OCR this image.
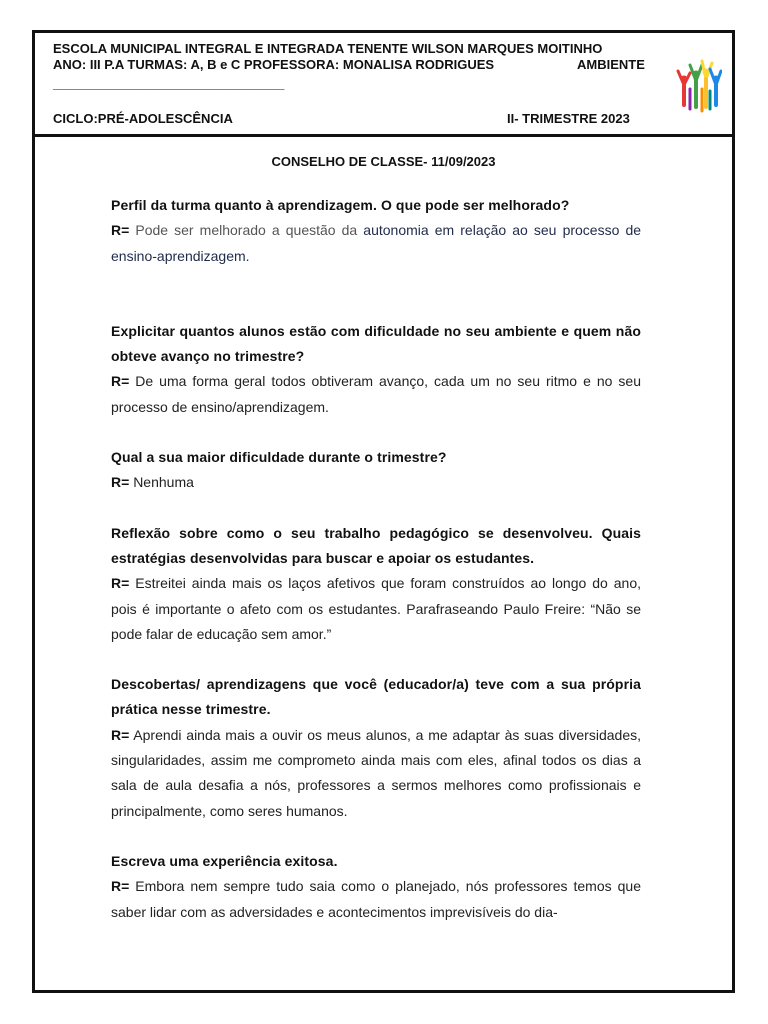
ESCOLA MUNICIPAL INTEGRAL E INTEGRADA TENENTE WILSON MARQUES MOITINHO
ANO: III P.A TURMAS: A, B e C PROFESSORA: MONALISA RODRIGUES	AMBIENTE
________________________________
CICLO:PRÉ-ADOLESCÊNCIA	II- TRIMESTRE 2023
CONSELHO DE CLASSE- 11/09/2023

Perfil da turma quanto à aprendizagem. O que pode ser melhorado?

R= Pode ser melhorado a questão da autonomia em relação ao seu processo de ensino-aprendizagem.

Explicitar quantos alunos estão com dificuldade no seu ambiente e quem não obteve avanço no trimestre?

R= De uma forma geral todos obtiveram avanço, cada um no seu ritmo e no seu processo de ensino/aprendizagem.

Qual a sua maior dificuldade durante o trimestre?

R= Nenhuma

Reflexão sobre como o seu trabalho pedagógico se desenvolveu. Quais estratégias desenvolvidas para buscar e apoiar os estudantes.

R= Estreitei ainda mais os laços afetivos que foram construídos ao longo do ano, pois é importante o afeto com os estudantes. Parafraseando Paulo Freire: “Não se pode falar de educação sem amor.”

Descobertas/ aprendizagens que você (educador/a) teve com a sua própria prática nesse trimestre.

R= Aprendi ainda mais a ouvir os meus alunos, a me adaptar às suas diversidades, singularidades, assim me comprometo ainda mais com eles, afinal todos os dias a sala de aula desafia a nós, professores a sermos melhores como profissionais e principalmente, como seres humanos.

Escreva uma experiência exitosa.

R= Embora nem sempre tudo saia como o planejado, nós professores temos que saber lidar com as adversidades e acontecimentos imprevisíveis do dia-
